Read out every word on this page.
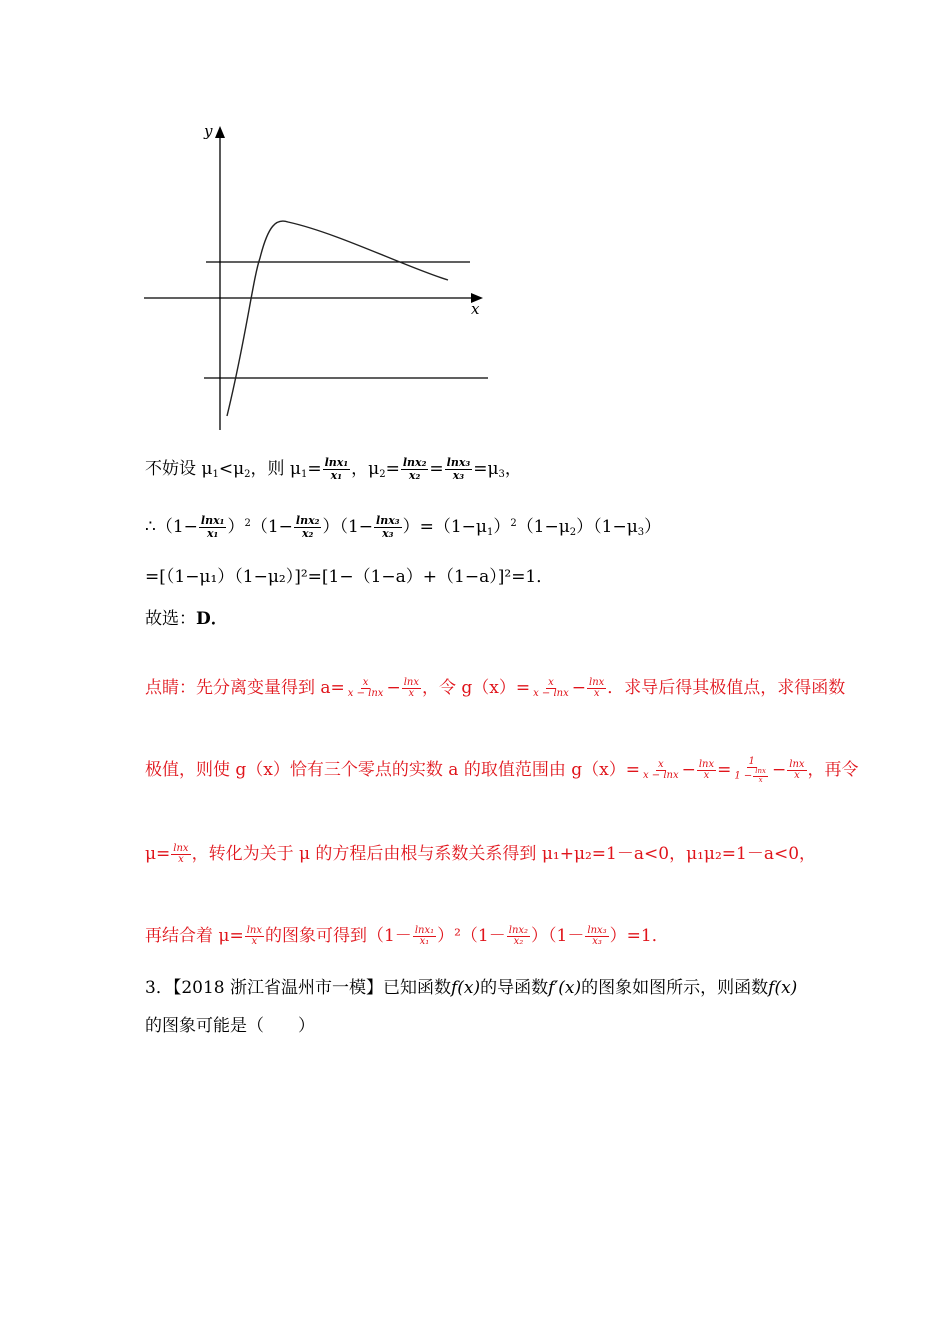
y
x
不妨设 $\mu_1<\mu_2$，则 $\mu_1= \frac{\text{lnx₁}}{\text{x₁}}$ ，$\mu_2= \frac{\text{lnx₂}}{\text{x₂}} = \frac{\text{lnx₃}}{\text{x₃}} =\mu_3$，
∴（1− $\frac{\text{lnx₁}}{\text{x₁}} )^2(1- \frac{\text{lnx₂}}{\text{x₂}} )(1- \frac{\text{lnx₃}}{\text{x₃}} )=(1-\mu_1)^2(1-\mu_2)(1-\mu_3)$
=[（1−μ₁）（1−μ₂）]²=[1−（1−a）+（1−a）]²=1．
故选：D．
点睛：先分离变量得到 $a= \frac{x}{x - \ln x} - \frac{\ln x}{x}$ ，令 $g(x)= \frac{x}{x - \ln x} - \frac{\ln x}{x}$ ．求导后得其极值点，求得函数
极值，则使 g（x）恰有三个零点的实数 a 的取值范围由 $g(x)= \frac{x}{x - \ln x} - \frac{\ln x}{x} = \frac{1}{1 - \frac{\ln x}{x}} - \frac{\ln x}{x}$ ，再令
$\mu= \frac{\ln x}{x}$ ，转化为关于 μ 的方程后由根与系数关系得到 μ₁+μ₂=1－a<0，μ₁μ₂=1－a<0，
再结合着 $\mu= \frac{\ln x}{x}$ 的图象可得到$(1- \frac{\text{lnx₁}}{\text{x₁}} )^2(1- \frac{\text{lnx₂}}{\text{x₂}} )(1- \frac{\text{lnx₃}}{\text{x₃}} )=1$．
3．【2018 浙江省温州市一模】已知函数f(x)的导函数f′(x)的图象如图所示，则函数f(x)
的图象可能是（　　）
